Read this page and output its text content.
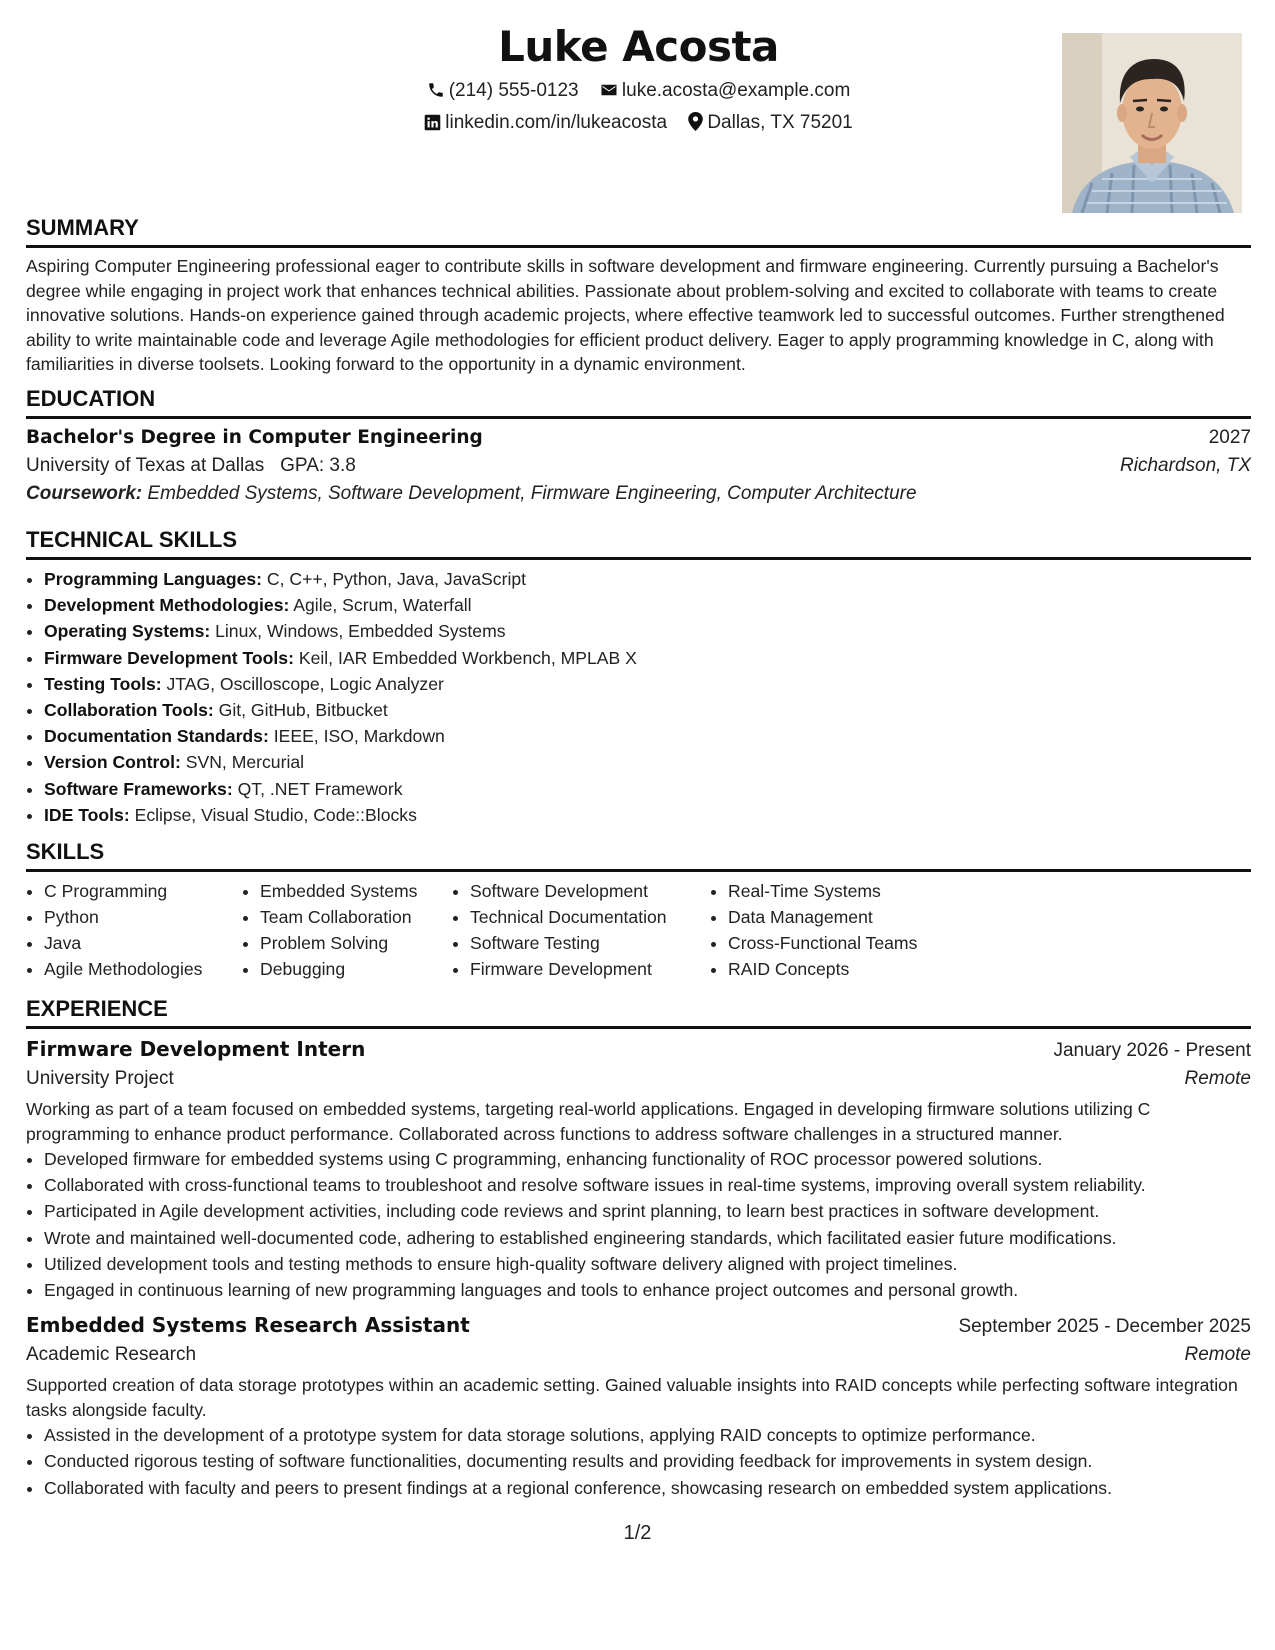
Luke Acosta
(214) 555-0123 luke.acosta@example.com
linkedin.com/in/lukeacosta Dallas, TX 75201
SUMMARY

Aspiring Computer Engineering professional eager to contribute skills in software development and firmware engineering. Currently pursuing a Bachelor's degree while engaging in project work that enhances technical abilities. Passionate about problem-solving and excited to collaborate with teams to create innovative solutions. Hands-on experience gained through academic projects, where effective teamwork led to successful outcomes. Further strengthened ability to write maintainable code and leverage Agile methodologies for efficient product delivery. Eager to apply programming knowledge in C, along with familiarities in diverse toolsets. Looking forward to the opportunity in a dynamic environment.

EDUCATION
Bachelor's Degree in Computer Engineering	2027
University of Texas at Dallas GPA: 3.8	Richardson, TX
Coursework: Embedded Systems, Software Development, Firmware Engineering, Computer Architecture
TECHNICAL SKILLS
• Programming Languages: C, C++, Python, Java, JavaScript
• Development Methodologies: Agile, Scrum, Waterfall
• Operating Systems: Linux, Windows, Embedded Systems
• Firmware Development Tools: Keil, IAR Embedded Workbench, MPLAB X
• Testing Tools: JTAG, Oscilloscope, Logic Analyzer
• Collaboration Tools: Git, GitHub, Bitbucket
• Documentation Standards: IEEE, ISO, Markdown
• Version Control: SVN, Mercurial
• Software Frameworks: QT, .NET Framework
• IDE Tools: Eclipse, Visual Studio, Code::Blocks
SKILLS
• C Programming
• Python
• Java
• Agile Methodologies
• Embedded Systems
• Team Collaboration
• Problem Solving
• Debugging
• Software Development
• Technical Documentation
• Software Testing
• Firmware Development
• Real-Time Systems
• Data Management
• Cross-Functional Teams
• RAID Concepts
EXPERIENCE
Firmware Development Intern	January 2026 - Present
University Project	Remote

Working as part of a team focused on embedded systems, targeting real-world applications. Engaged in developing firmware solutions utilizing C programming to enhance product performance. Collaborated across functions to address software challenges in a structured manner.

• Developed firmware for embedded systems using C programming, enhancing functionality of ROC processor powered solutions.
• Collaborated with cross-functional teams to troubleshoot and resolve software issues in real-time systems, improving overall system reliability.
• Participated in Agile development activities, including code reviews and sprint planning, to learn best practices in software development.
• Wrote and maintained well-documented code, adhering to established engineering standards, which facilitated easier future modifications.
• Utilized development tools and testing methods to ensure high-quality software delivery aligned with project timelines.
• Engaged in continuous learning of new programming languages and tools to enhance project outcomes and personal growth.
Embedded Systems Research Assistant	September 2025 - December 2025
Academic Research	Remote

Supported creation of data storage prototypes within an academic setting. Gained valuable insights into RAID concepts while perfecting software integration tasks alongside faculty.

• Assisted in the development of a prototype system for data storage solutions, applying RAID concepts to optimize performance.
• Conducted rigorous testing of software functionalities, documenting results and providing feedback for improvements in system design.
• Collaborated with faculty and peers to present findings at a regional conference, showcasing research on embedded system applications.
1/2
